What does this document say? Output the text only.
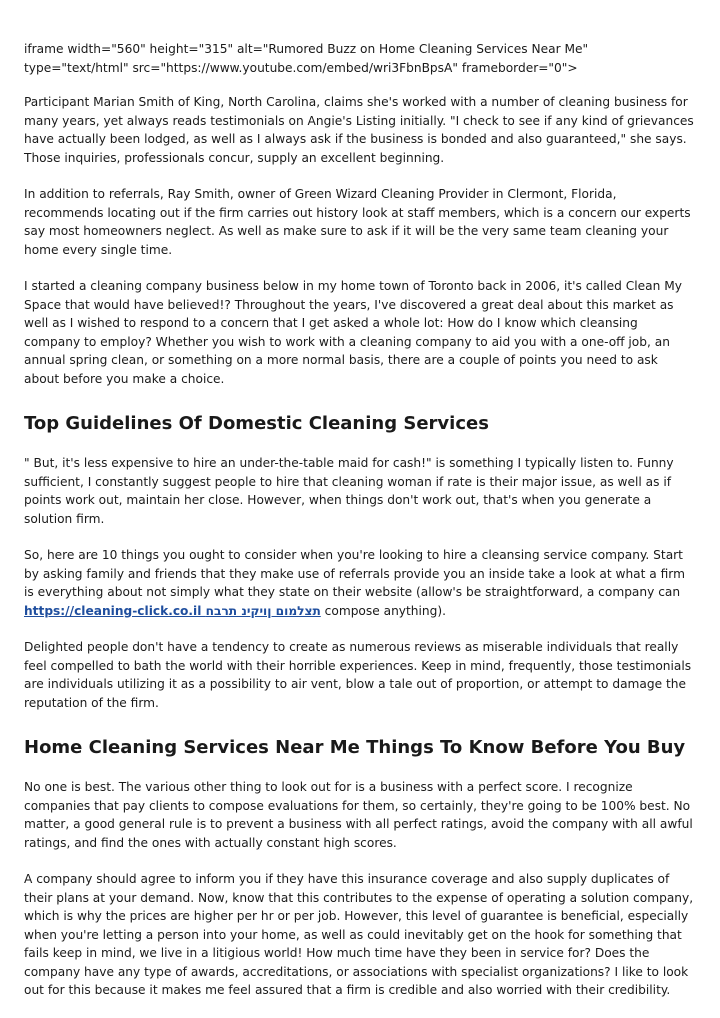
iframe width="560" height="315" alt="Rumored Buzz on Home Cleaning Services Near Me" type="text/html" src="https://www.youtube.com/embed/wri3FbnBpsA" frameborder="0">

Participant Marian Smith of King, North Carolina, claims she's worked with a number of cleaning business for many years, yet always reads testimonials on Angie's Listing initially. "I check to see if any kind of grievances have actually been lodged, as well as I always ask if the business is bonded and also guaranteed," she says. Those inquiries, professionals concur, supply an excellent beginning.

In addition to referrals, Ray Smith, owner of Green Wizard Cleaning Provider in Clermont, Florida, recommends locating out if the firm carries out history look at staff members, which is a concern our experts say most homeowners neglect. As well as make sure to ask if it will be the very same team cleaning your home every single time.

I started a cleaning company business below in my home town of Toronto back in 2006, it's called Clean My Space that would have believed!? Throughout the years, I've discovered a great deal about this market as well as I wished to respond to a concern that I get asked a whole lot: How do I know which cleansing company to employ? Whether you wish to work with a cleaning company to aid you with a one-off job, an annual spring clean, or something on a more normal basis, there are a couple of points you need to ask about before you make a choice.

Top Guidelines Of Domestic Cleaning Services

" But, it's less expensive to hire an under-the-table maid for cash!" is something I typically listen to. Funny sufficient, I constantly suggest people to hire that cleaning woman if rate is their major issue, as well as if points work out, maintain her close. However, when things don't work out, that's when you generate a solution firm.

So, here are 10 things you ought to consider when you're looking to hire a cleansing service company. Start by asking family and friends that they make use of referrals provide you an inside take a look at what a firm is everything about not simply what they state on their website (allow's be straightforward, a company can https://cleaning-click.co.il תצלמום ןויקינ תרבח compose anything).

Delighted people don't have a tendency to create as numerous reviews as miserable individuals that really feel compelled to bath the world with their horrible experiences. Keep in mind, frequently, those testimonials are individuals utilizing it as a possibility to air vent, blow a tale out of proportion, or attempt to damage the reputation of the firm.

Home Cleaning Services Near Me Things To Know Before You Buy

No one is best. The various other thing to look out for is a business with a perfect score. I recognize companies that pay clients to compose evaluations for them, so certainly, they're going to be 100% best. No matter, a good general rule is to prevent a business with all perfect ratings, avoid the company with all awful ratings, and find the ones with actually constant high scores.

A company should agree to inform you if they have this insurance coverage and also supply duplicates of their plans at your demand. Now, know that this contributes to the expense of operating a solution company, which is why the prices are higher per hr or per job. However, this level of guarantee is beneficial, especially when you're letting a person into your home, as well as could inevitably get on the hook for something that fails keep in mind, we live in a litigious world! How much time have they been in service for? Does the company have any type of awards, accreditations, or associations with specialist organizations? I like to look out for this because it makes me feel assured that a firm is credible and also worried with their credibility.
